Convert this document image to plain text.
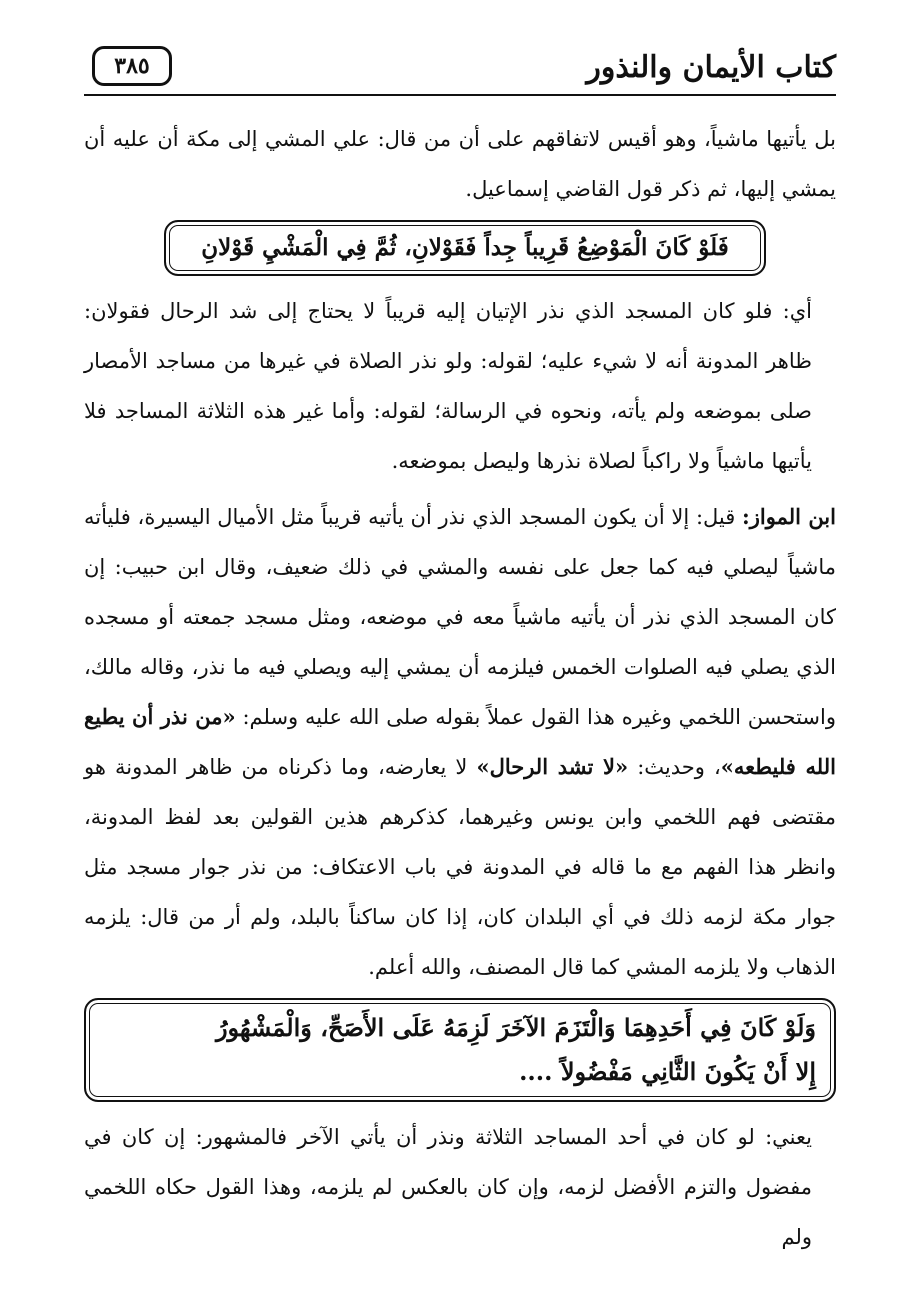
كتاب الأيمان والنذور
٣٨٥

بل يأتيها ماشياً، وهو أقيس لاتفاقهم على أن من قال: علي المشي إلى مكة أن عليه أن يمشي إليها، ثم ذكر قول القاضي إسماعيل.

فَلَوْ كَانَ الْمَوْضِعُ قَرِيباً جِداً فَقَوْلانِ، ثُمَّ فِي الْمَشْيِ قَوْلانِ

أي: فلو كان المسجد الذي نذر الإتيان إليه قريباً لا يحتاج إلى شد الرحال فقولان: ظاهر المدونة أنه لا شيء عليه؛ لقوله: ولو نذر الصلاة في غيرها من مساجد الأمصار صلى بموضعه ولم يأته، ونحوه في الرسالة؛ لقوله: وأما غير هذه الثلاثة المساجد فلا يأتيها ماشياً ولا راكباً لصلاة نذرها وليصل بموضعه.

ابن المواز: قيل: إلا أن يكون المسجد الذي نذر أن يأتيه قريباً مثل الأميال اليسيرة، فليأته ماشياً ليصلي فيه كما جعل على نفسه والمشي في ذلك ضعيف، وقال ابن حبيب: إن كان المسجد الذي نذر أن يأتيه ماشياً معه في موضعه، ومثل مسجد جمعته أو مسجده الذي يصلي فيه الصلوات الخمس فيلزمه أن يمشي إليه ويصلي فيه ما نذر، وقاله مالك، واستحسن اللخمي وغيره هذا القول عملاً بقوله صلى الله عليه وسلم: «من نذر أن يطيع الله فليطعه»، وحديث: «لا تشد الرحال» لا يعارضه، وما ذكرناه من ظاهر المدونة هو مقتضى فهم اللخمي وابن يونس وغيرهما، كذكرهم هذين القولين بعد لفظ المدونة، وانظر هذا الفهم مع ما قاله في المدونة في باب الاعتكاف: من نذر جوار مسجد مثل جوار مكة لزمه ذلك في أي البلدان كان، إذا كان ساكناً بالبلد، ولم أر من قال: يلزمه الذهاب ولا يلزمه المشي كما قال المصنف، والله أعلم.

وَلَوْ كَانَ فِي أَحَدِهِمَا وَالْتَزَمَ الآخَرَ لَزِمَهُ عَلَى الأَصَحِّ، وَالْمَشْهُورُ
إِلا أَنْ يَكُونَ الثَّانِي مَفْضُولاً ....

يعني: لو كان في أحد المساجد الثلاثة ونذر أن يأتي الآخر فالمشهور: إن كان في مفضول والتزم الأفضل لزمه، وإن كان بالعكس لم يلزمه، وهذا القول حكاه اللخمي ولم
